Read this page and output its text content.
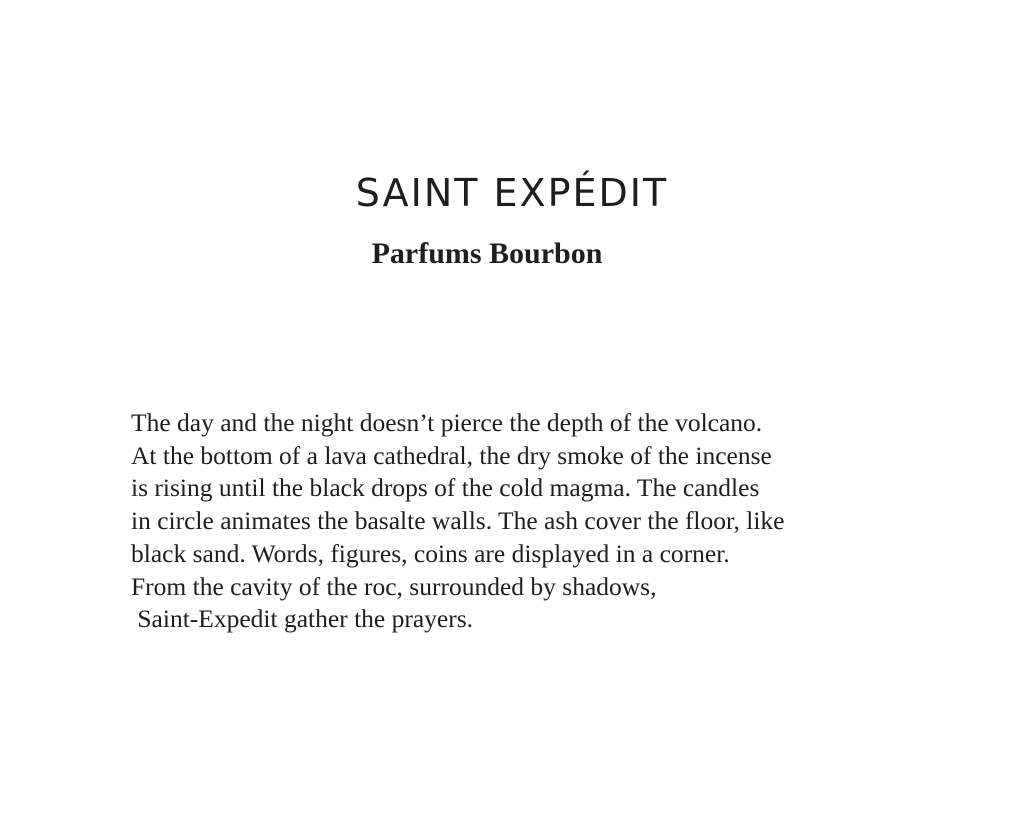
SAINT EXPÉDIT
Parfums Bourbon

The day and the night doesn’t pierce the depth of the volcano.
At the bottom of a lava cathedral, the dry smoke of the incense
is rising until the black drops of the cold magma. The candles
in circle animates the basalte walls. The ash cover the floor, like
black sand. Words, figures, coins are displayed in a corner.
From the cavity of the roc, surrounded by shadows,
Saint-Expedit gather the prayers.
